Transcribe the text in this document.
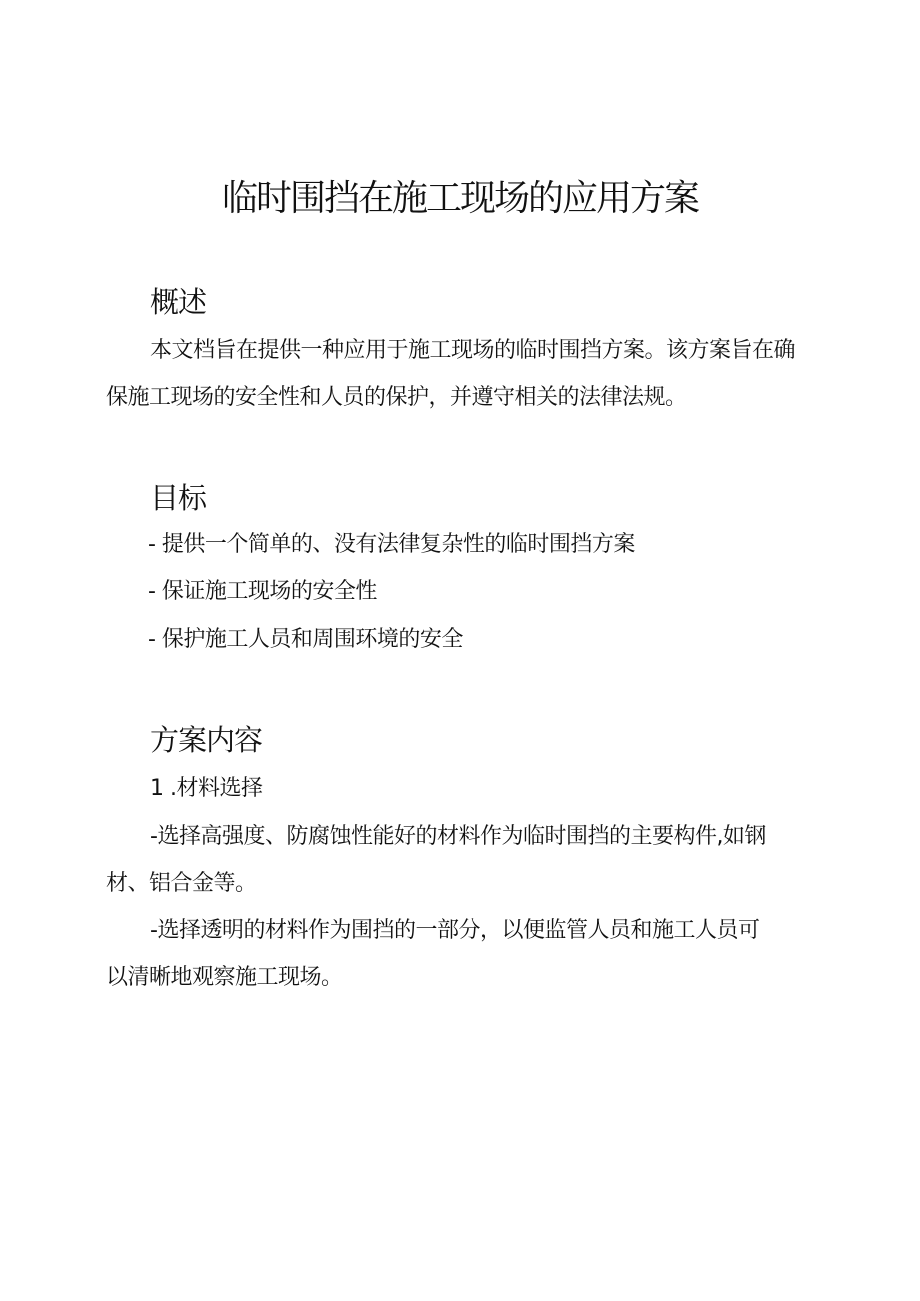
临时围挡在施工现场的应用方案
概述
本文档旨在提供一种应用于施工现场的临时围挡方案。该方案旨在确保施工现场的安全性和人员的保护，并遵守相关的法律法规。
目标
- 提供一个简单的、没有法律复杂性的临时围挡方案
- 保证施工现场的安全性
- 保护施工人员和周围环境的安全
方案内容
1 .材料选择
-选择高强度、防腐蚀性能好的材料作为临时围挡的主要构件,如钢材、铝合金等。
-选择透明的材料作为围挡的一部分，以便监管人员和施工人员可以清晰地观察施工现场。
